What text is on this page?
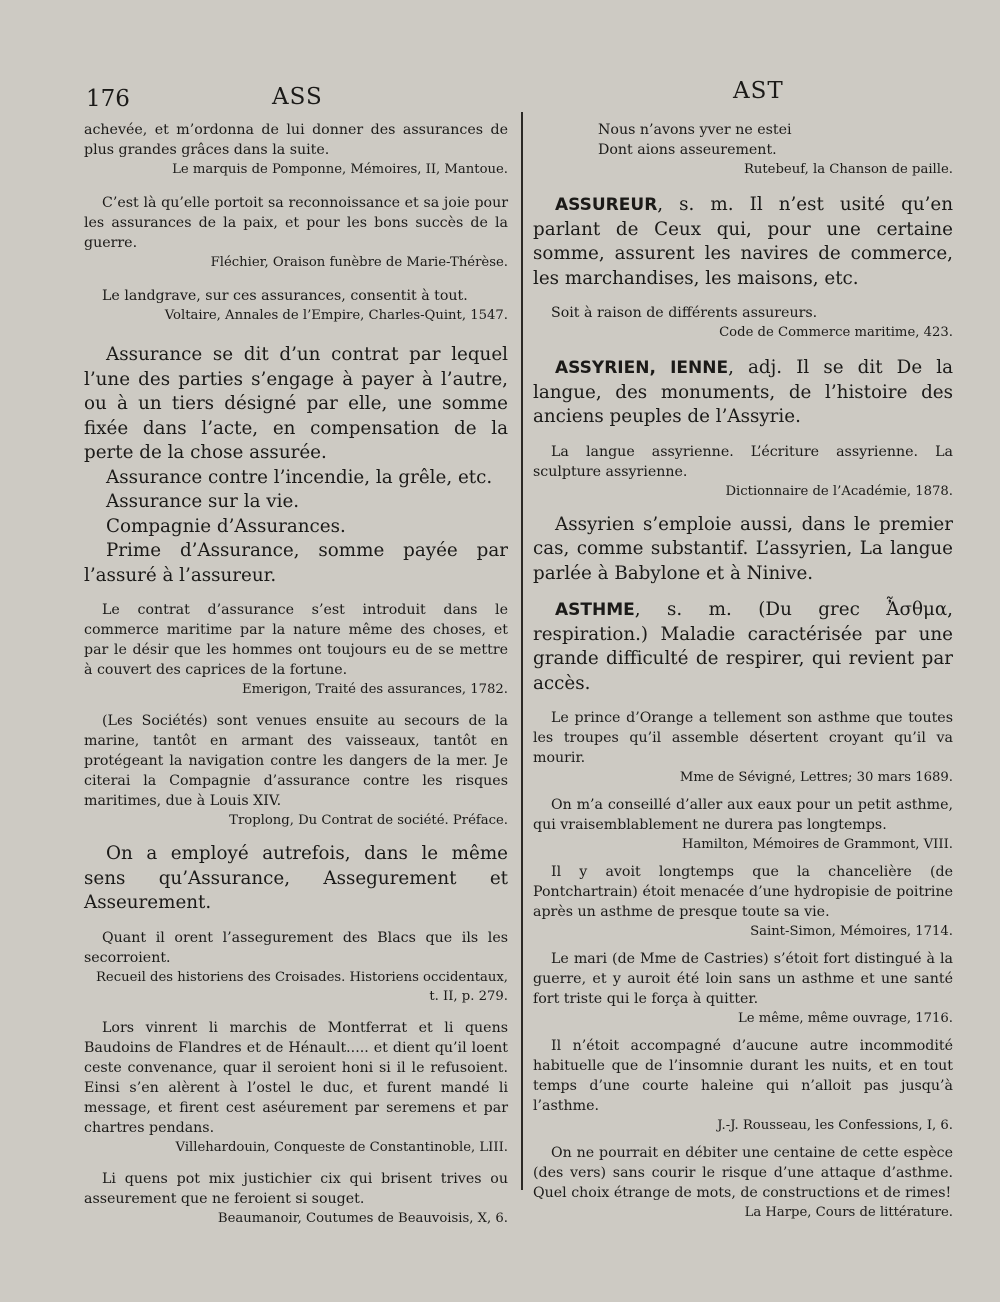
176	ASS	AST

achevée, et m’ordonna de lui donner des assurances de plus grandes grâces dans la suite.

Le marquis de Pomponne, Mémoires, II, Mantoue.

C’est là qu’elle portoit sa reconnoissance et sa joie pour les assurances de la paix, et pour les bons succès de la guerre.

Fléchier, Oraison funèbre de Marie-Thérèse.

Le landgrave, sur ces assurances, consentit à tout.

Voltaire, Annales de l’Empire, Charles-Quint, 1547.

Assurance se dit d’un contrat par lequel l’une des parties s’engage à payer à l’autre, ou à un tiers désigné par elle, une somme fixée dans l’acte, en compensation de la perte de la chose assurée.

Assurance contre l’incendie, la grêle, etc.

Assurance sur la vie.

Compagnie d’Assurances.

Prime d’Assurance, somme payée par l’assuré à l’assureur.

Le contrat d’assurance s’est introduit dans le commerce maritime par la nature même des choses, et par le désir que les hommes ont toujours eu de se mettre à couvert des caprices de la fortune.

Emerigon, Traité des assurances, 1782.

(Les Sociétés) sont venues ensuite au secours de la marine, tantôt en armant des vaisseaux, tantôt en protégeant la navigation contre les dangers de la mer. Je citerai la Compagnie d’assurance contre les risques maritimes, due à Louis XIV.

Troplong, Du Contrat de société. Préface.

On a employé autrefois, dans le même sens qu’Assurance, Assegurement et Asseurement.

Quant il orent l’assegurement des Blacs que ils les secorroient.

Recueil des historiens des Croisades. Historiens occidentaux, t. II, p. 279.

Lors vinrent li marchis de Montferrat et li quens Baudoins de Flandres et de Hénault..... et dient qu’il loent ceste convenance, quar il seroient honi si il le refusoient. Einsi s’en alèrent à l’ostel le duc, et furent mandé li message, et firent cest aséurement par seremens et par chartres pendans.

Villehardouin, Conqueste de Constantinoble, LIII.

Li quens pot mix justichier cix qui brisent trives ou asseurement que ne feroient si souget.

Beaumanoir, Coutumes de Beauvoisis, X, 6.

Nous n’avons yver ne estei

Dont aions asseurement.

Rutebeuf, la Chanson de paille.

ASSUREUR, s. m. Il n’est usité qu’en parlant de Ceux qui, pour une certaine somme, assurent les navires de commerce, les marchandises, les maisons, etc.

Soit à raison de différents assureurs.

Code de Commerce maritime, 423.

ASSYRIEN, IENNE, adj. Il se dit De la langue, des monuments, de l’histoire des anciens peuples de l’Assyrie.

La langue assyrienne. L’écriture assyrienne. La sculpture assyrienne.

Dictionnaire de l’Académie, 1878.

Assyrien s’emploie aussi, dans le premier cas, comme substantif. L’assyrien, La langue parlée à Babylone et à Ninive.

ASTHME, s. m. (Du grec Ἆσθμα, respiration.) Maladie caractérisée par une grande difficulté de respirer, qui revient par accès.

Le prince d’Orange a tellement son asthme que toutes les troupes qu’il assemble désertent croyant qu’il va mourir.

Mme de Sévigné, Lettres; 30 mars 1689.

On m’a conseillé d’aller aux eaux pour un petit asthme, qui vraisemblablement ne durera pas longtemps.

Hamilton, Mémoires de Grammont, VIII.

Il y avoit longtemps que la chancelière (de Pontchartrain) étoit menacée d’une hydropisie de poitrine après un asthme de presque toute sa vie.

Saint-Simon, Mémoires, 1714.

Le mari (de Mme de Castries) s’étoit fort distingué à la guerre, et y auroit été loin sans un asthme et une santé fort triste qui le força à quitter.

Le même, même ouvrage, 1716.

Il n’étoit accompagné d’aucune autre incommodité habituelle que de l’insomnie durant les nuits, et en tout temps d’une courte haleine qui n’alloit pas jusqu’à l’asthme.

J.-J. Rousseau, les Confessions, I, 6.

On ne pourrait en débiter une centaine de cette espèce (des vers) sans courir le risque d’une attaque d’asthme. Quel choix étrange de mots, de constructions et de rimes!

La Harpe, Cours de littérature.
